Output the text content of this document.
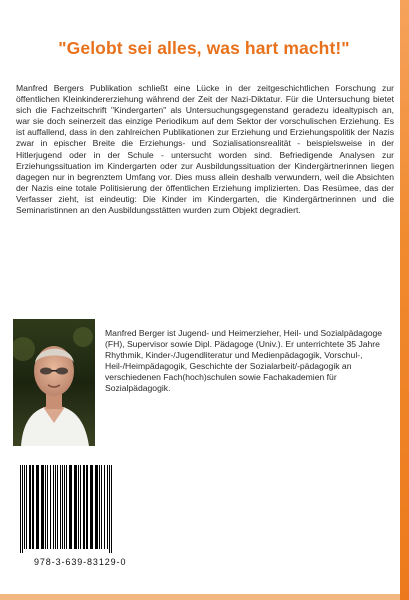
"Gelobt sei alles, was hart macht!"

Manfred Bergers Publikation schließt eine Lücke in der zeitgeschichtlichen Forschung zur öffentlichen Kleinkindererziehung während der Zeit der Nazi-Diktatur. Für die Untersuchung bietet sich die Fachzeitschrift "Kindergarten" als Untersuchungsgegenstand geradezu idealtypisch an, war sie doch seinerzeit das einzige Periodikum auf dem Sektor der vorschulischen Erziehung. Es ist auffallend, dass in den zahlreichen Publikationen zur Erziehung und Erziehungspolitik der Nazis zwar in epischer Breite die Erziehungs- und Sozialisationsrealität - beispielsweise in der Hitlerjugend oder in der Schule - untersucht worden sind. Befriedigende Analysen zur Erziehungssituation im Kindergarten oder zur Ausbildungssituation der Kindergärtnerinnen liegen dagegen nur in begrenztem Umfang vor. Dies muss allein deshalb verwundern, weil die Absichten der Nazis eine totale Politisierung der öffentlichen Erziehung implizierten. Das Resümee, das der Verfasser zieht, ist eindeutig: Die Kinder im Kindergarten, die Kindergärtnerinnen und die Seminaristinnen an den Ausbildungsstätten wurden zum Objekt degradiert.

Manfred Berger ist Jugend- und Heimerzieher, Heil- und Sozialpädagoge (FH), Supervisor sowie Dipl. Pädagoge (Univ.). Er unterrichtete 35 Jahre Rhythmik, Kinder-/Jugendliteratur und Medienpädagogik, Vorschul-, Heil-/Heimpädagogik, Geschichte der Sozialarbeit/-pädagogik an verschiedenen Fach(hoch)schulen sowie Fachakademien für Sozialpädagogik.

978-3-639-83129-0
